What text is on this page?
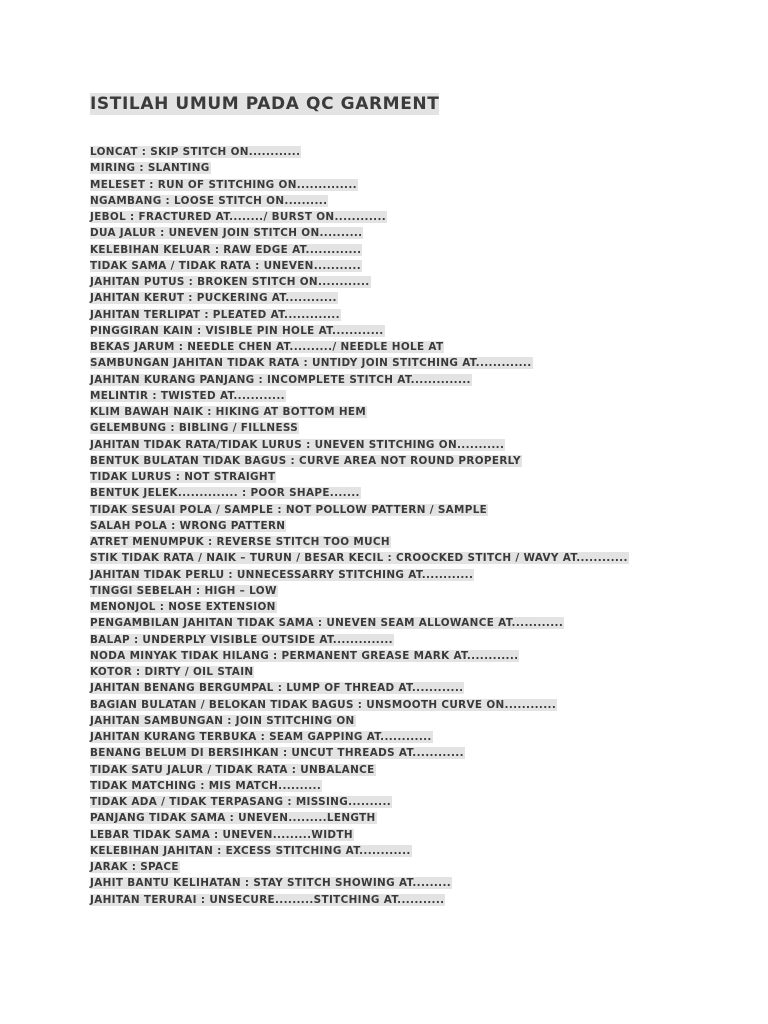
ISTILAH UMUM PADA QC GARMENT
LONCAT : SKIP STITCH ON............
MIRING : SLANTING
MELESET : RUN OF STITCHING ON..............
NGAMBANG : LOOSE STITCH ON..........
JEBOL : FRACTURED AT......../ BURST ON............
DUA JALUR : UNEVEN JOIN STITCH ON..........
KELEBIHAN KELUAR : RAW EDGE AT.............
TIDAK SAMA / TIDAK RATA : UNEVEN...........
JAHITAN PUTUS : BROKEN STITCH ON............
JAHITAN KERUT : PUCKERING AT............
JAHITAN TERLIPAT : PLEATED AT.............
PINGGIRAN KAIN : VISIBLE PIN HOLE AT............
BEKAS JARUM : NEEDLE CHEN AT........../ NEEDLE HOLE AT
SAMBUNGAN JAHITAN TIDAK RATA : UNTIDY JOIN STITCHING AT.............
JAHITAN KURANG PANJANG : INCOMPLETE STITCH AT..............
MELINTIR : TWISTED AT............
KLIM BAWAH NAIK : HIKING AT BOTTOM HEM
GELEMBUNG : BIBLING / FILLNESS
JAHITAN TIDAK RATA/TIDAK LURUS : UNEVEN STITCHING ON...........
BENTUK BULATAN TIDAK BAGUS : CURVE AREA NOT ROUND PROPERLY
TIDAK LURUS : NOT STRAIGHT
BENTUK JELEK.............. : POOR SHAPE.......
TIDAK SESUAI POLA / SAMPLE : NOT POLLOW PATTERN / SAMPLE
SALAH POLA : WRONG PATTERN
ATRET MENUMPUK : REVERSE STITCH TOO MUCH
STIK TIDAK RATA / NAIK – TURUN / BESAR KECIL : CROOCKED STITCH / WAVY AT............
JAHITAN TIDAK PERLU : UNNECESSARRY STITCHING AT............
TINGGI SEBELAH : HIGH – LOW
MENONJOL : NOSE EXTENSION
PENGAMBILAN JAHITAN TIDAK SAMA : UNEVEN SEAM ALLOWANCE AT............
BALAP : UNDERPLY VISIBLE OUTSIDE AT..............
NODA MINYAK TIDAK HILANG : PERMANENT GREASE MARK AT............
KOTOR : DIRTY / OIL STAIN
JAHITAN BENANG BERGUMPAL : LUMP OF THREAD AT............
BAGIAN BULATAN / BELOKAN TIDAK BAGUS : UNSMOOTH CURVE ON............
JAHITAN SAMBUNGAN : JOIN STITCHING ON
JAHITAN KURANG TERBUKA : SEAM GAPPING AT............
BENANG BELUM DI BERSIHKAN : UNCUT THREADS AT............
TIDAK SATU JALUR / TIDAK RATA : UNBALANCE
TIDAK MATCHING : MIS MATCH..........
TIDAK ADA / TIDAK TERPASANG : MISSING..........
PANJANG TIDAK SAMA : UNEVEN.........LENGTH
LEBAR TIDAK SAMA : UNEVEN.........WIDTH
KELEBIHAN JAHITAN : EXCESS STITCHING AT............
JARAK : SPACE
JAHIT BANTU KELIHATAN : STAY STITCH SHOWING AT.........
JAHITAN TERURAI : UNSECURE.........STITCHING AT...........
